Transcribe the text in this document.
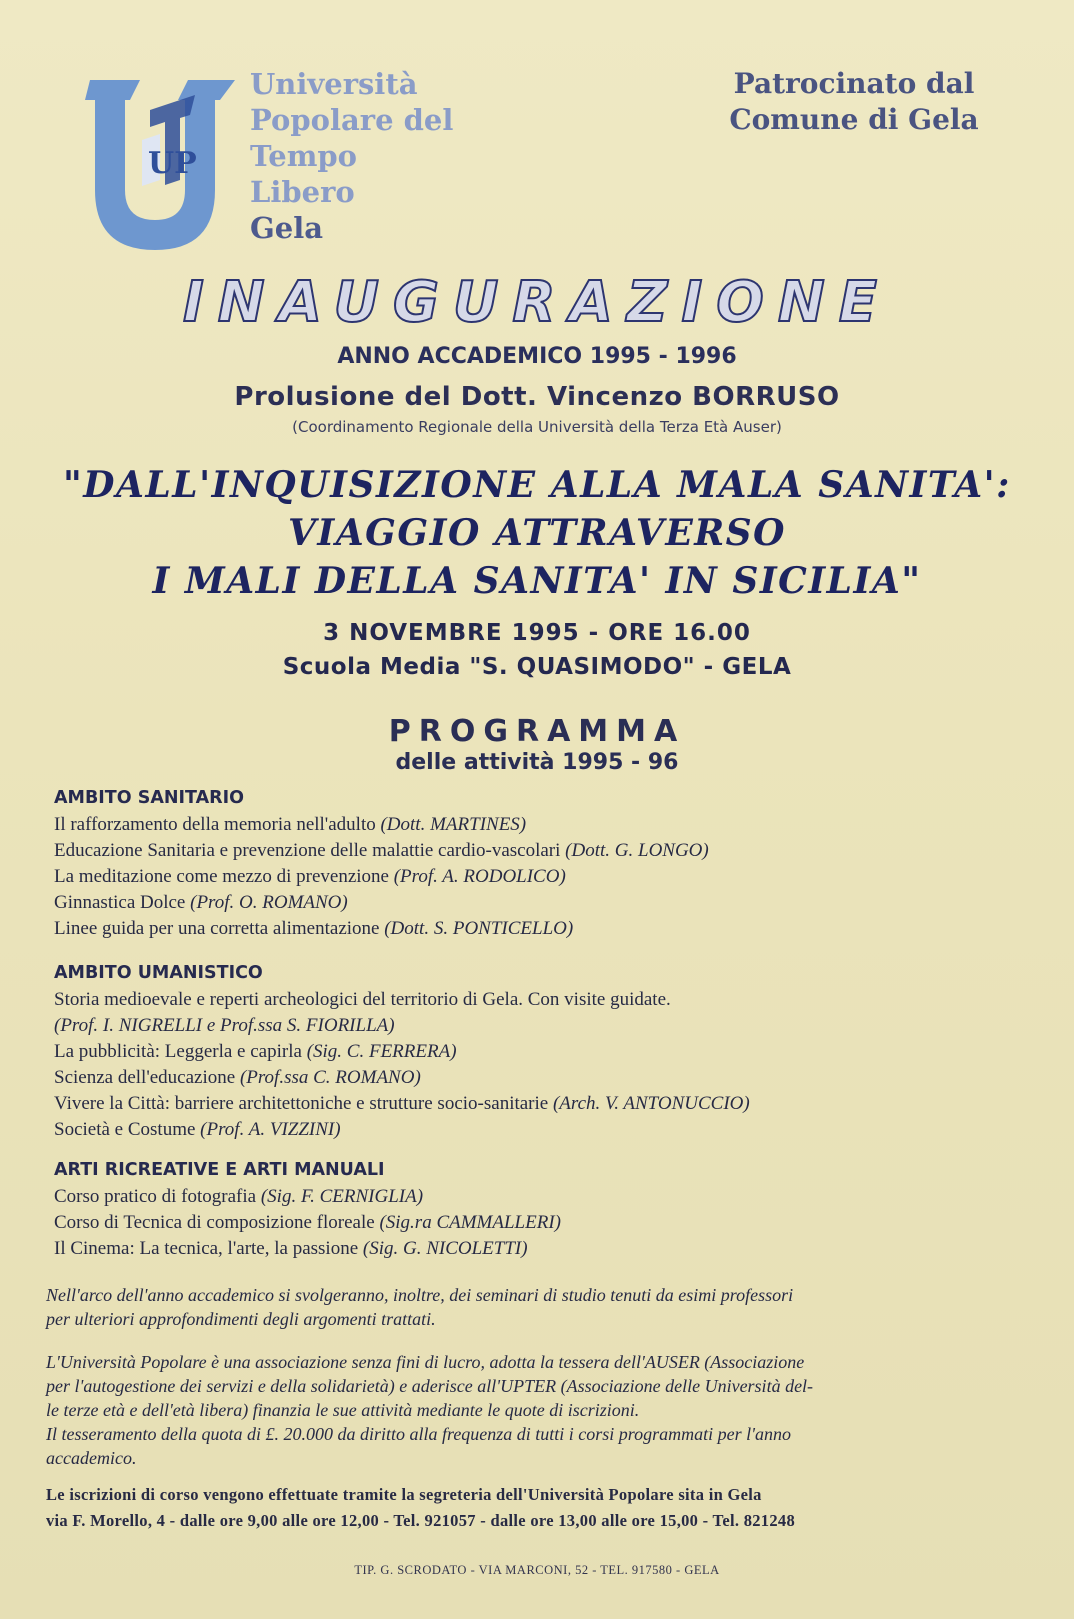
UP
Università
Popolare del
Tempo
Libero
Gela
Patrocinato dal
Comune di Gela
INAUGURAZIONE
ANNO ACCADEMICO 1995 - 1996
Prolusione del Dott. Vincenzo BORRUSO
(Coordinamento Regionale della Università della Terza Età Auser)
"DALL'INQUISIZIONE ALLA MALA SANITA':
VIAGGIO ATTRAVERSO
I MALI DELLA SANITA' IN SICILIA"
3 NOVEMBRE 1995 - ORE 16.00
Scuola Media "S. QUASIMODO" - GELA
PROGRAMMA
delle attività 1995 - 96
AMBITO SANITARIO
Il rafforzamento della memoria nell'adulto (Dott. MARTINES)
Educazione Sanitaria e prevenzione delle malattie cardio-vascolari (Dott. G. LONGO)
La meditazione come mezzo di prevenzione (Prof. A. RODOLICO)
Ginnastica Dolce (Prof. O. ROMANO)
Linee guida per una corretta alimentazione (Dott. S. PONTICELLO)
AMBITO UMANISTICO
Storia medioevale e reperti archeologici del territorio di Gela. Con visite guidate.
(Prof. I. NIGRELLI e Prof.ssa S. FIORILLA)
La pubblicità: Leggerla e capirla (Sig. C. FERRERA)
Scienza dell'educazione (Prof.ssa C. ROMANO)
Vivere la Città: barriere architettoniche e strutture socio-sanitarie (Arch. V. ANTONUCCIO)
Società e Costume (Prof. A. VIZZINI)
ARTI RICREATIVE E ARTI MANUALI
Corso pratico di fotografia (Sig. F. CERNIGLIA)
Corso di Tecnica di composizione floreale (Sig.ra CAMMALLERI)
Il Cinema: La tecnica, l'arte, la passione (Sig. G. NICOLETTI)
Nell'arco dell'anno accademico si svolgeranno, inoltre, dei seminari di studio tenuti da esimi professori
per ulteriori approfondimenti degli argomenti trattati.
L'Università Popolare è una associazione senza fini di lucro, adotta la tessera dell'AUSER (Associazione
per l'autogestione dei servizi e della solidarietà) e aderisce all'UPTER (Associazione delle Università del-
le terze età e dell'età libera) finanzia le sue attività mediante le quote di iscrizioni.
Il tesseramento della quota di £. 20.000 da diritto alla frequenza di tutti i corsi programmati per l'anno
accademico.
Le iscrizioni di corso vengono effettuate tramite la segreteria dell'Università Popolare sita in Gela
via F. Morello, 4 - dalle ore 9,00 alle ore 12,00 - Tel. 921057 - dalle ore 13,00 alle ore 15,00 - Tel. 821248
TIP. G. SCRODATO - VIA MARCONI, 52 - TEL. 917580 - GELA
